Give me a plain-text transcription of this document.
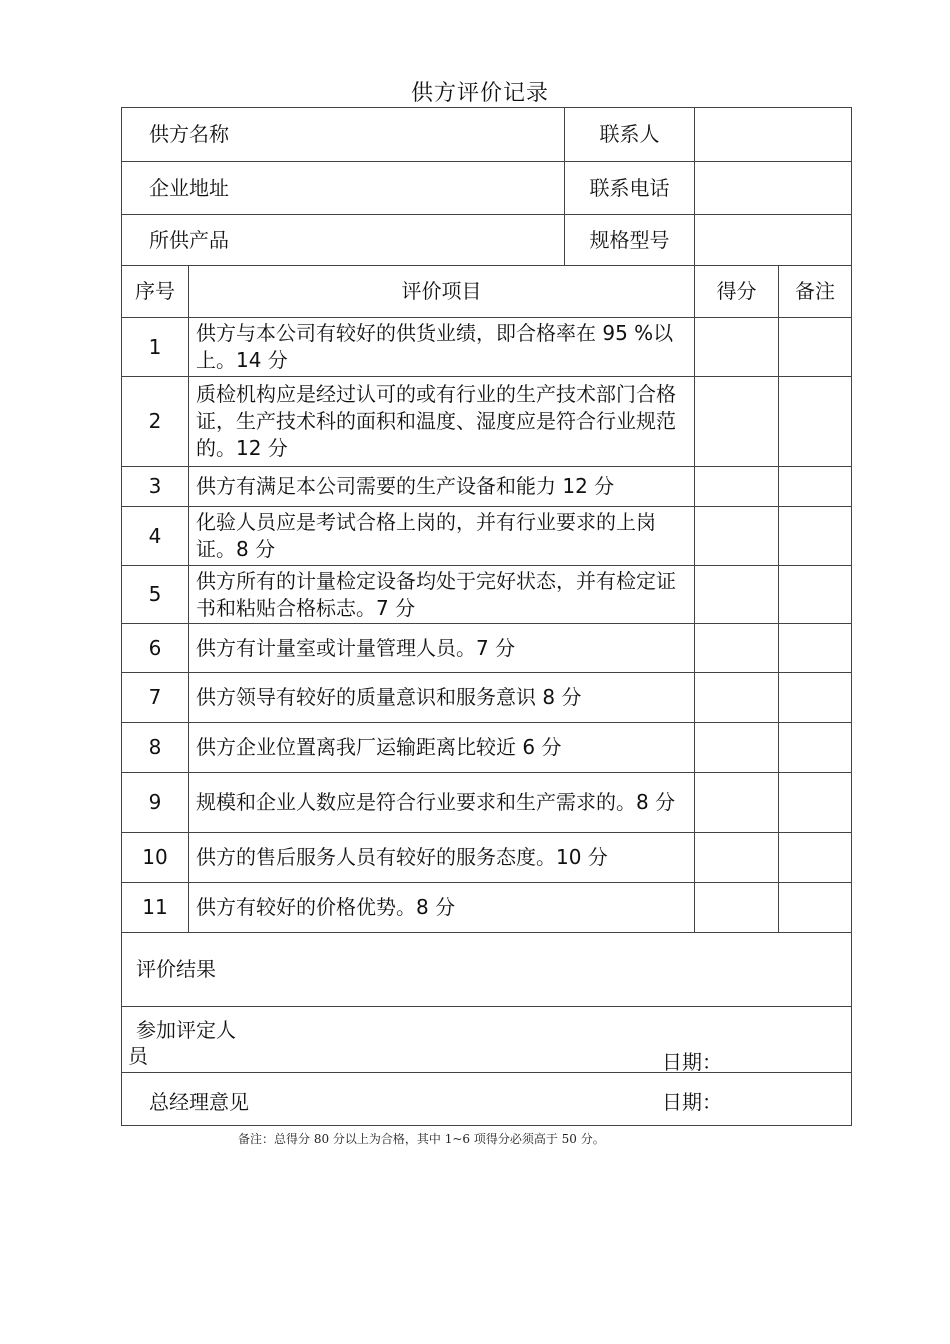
供方评价记录
供方名称		联系人		
企业地址		联系电话		
所供产品		规格型号		
序号	评价项目		得分	备注
1	供方与本公司有较好的供货业绩，即合格率在 95 %以上。14 分			
2	质检机构应是经过认可的或有行业的生产技术部门合格证，生产技术科的面积和温度、湿度应是符合行业规范的。12 分			
3	供方有满足本公司需要的生产设备和能力 12 分			
4	化验人员应是考试合格上岗的，并有行业要求的上岗证。8 分			
5	供方所有的计量检定设备均处于完好状态，并有检定证书和粘贴合格标志。7 分			
6	供方有计量室或计量管理人员。7 分			
7	供方领导有较好的质量意识和服务意识 8 分			
8	供方企业位置离我厂运输距离比较近 6 分			
9	规模和企业人数应是符合行业要求和生产需求的。8 分			
10	供方的售后服务人员有较好的服务态度。10 分			
11	供方有较好的价格优势。8 分			
评价结果				

参加评定人
员 日期：				

总经理意见 日期：				
备注：总得分 80 分以上为合格，其中 1~6 项得分必须高于 50 分。
